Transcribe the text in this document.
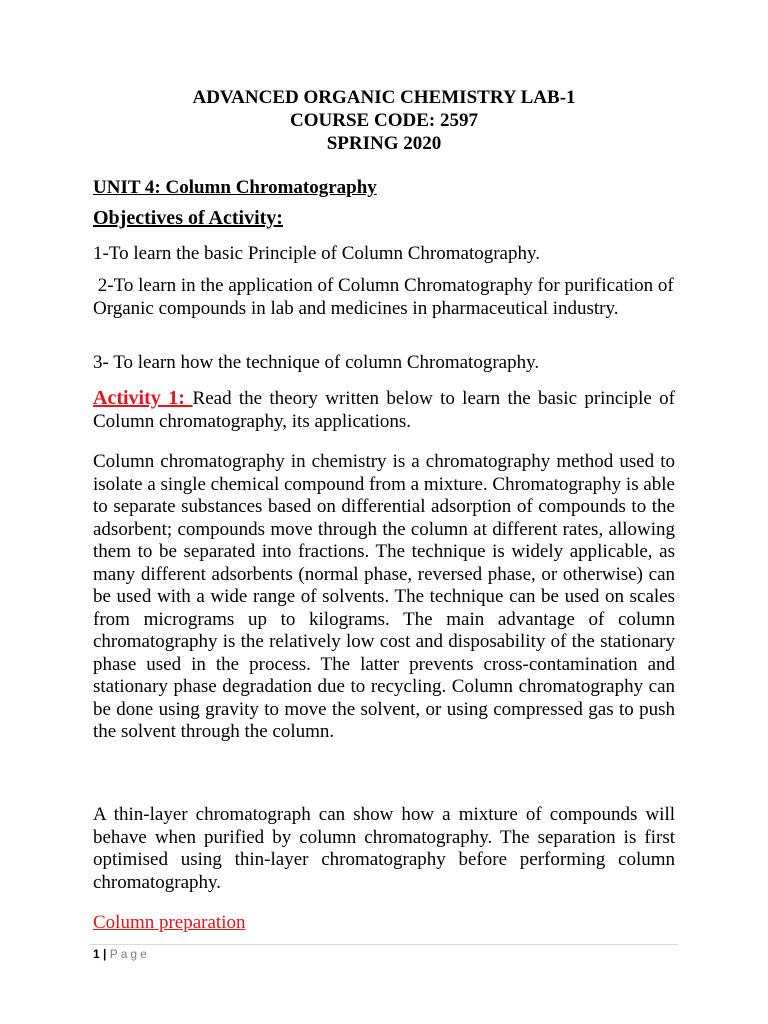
ADVANCED ORGANIC CHEMISTRY LAB-1
COURSE CODE: 2597
SPRING 2020
UNIT 4: Column Chromatography
Objectives of Activity:
1-To learn the basic Principle of Column Chromatography.
2-To learn in the application of Column Chromatography for purification of Organic compounds in lab and medicines in pharmaceutical industry.
3- To learn how the technique of column Chromatography.
Activity 1: Read the theory written below to learn the basic principle of Column chromatography, its applications.
Column chromatography in chemistry is a chromatography method used to isolate a single chemical compound from a mixture. Chromatography is able to separate substances based on differential adsorption of compounds to the adsorbent; compounds move through the column at different rates, allowing them to be separated into fractions. The technique is widely applicable, as many different adsorbents (normal phase, reversed phase, or otherwise) can be used with a wide range of solvents. The technique can be used on scales from micrograms up to kilograms. The main advantage of column chromatography is the relatively low cost and disposability of the stationary phase used in the process. The latter prevents cross-contamination and stationary phase degradation due to recycling. Column chromatography can be done using gravity to move the solvent, or using compressed gas to push the solvent through the column.
A thin-layer chromatograph can show how a mixture of compounds will behave when purified by column chromatography. The separation is first optimised using thin-layer chromatography before performing column chromatography.
Column preparation
1 | Page
